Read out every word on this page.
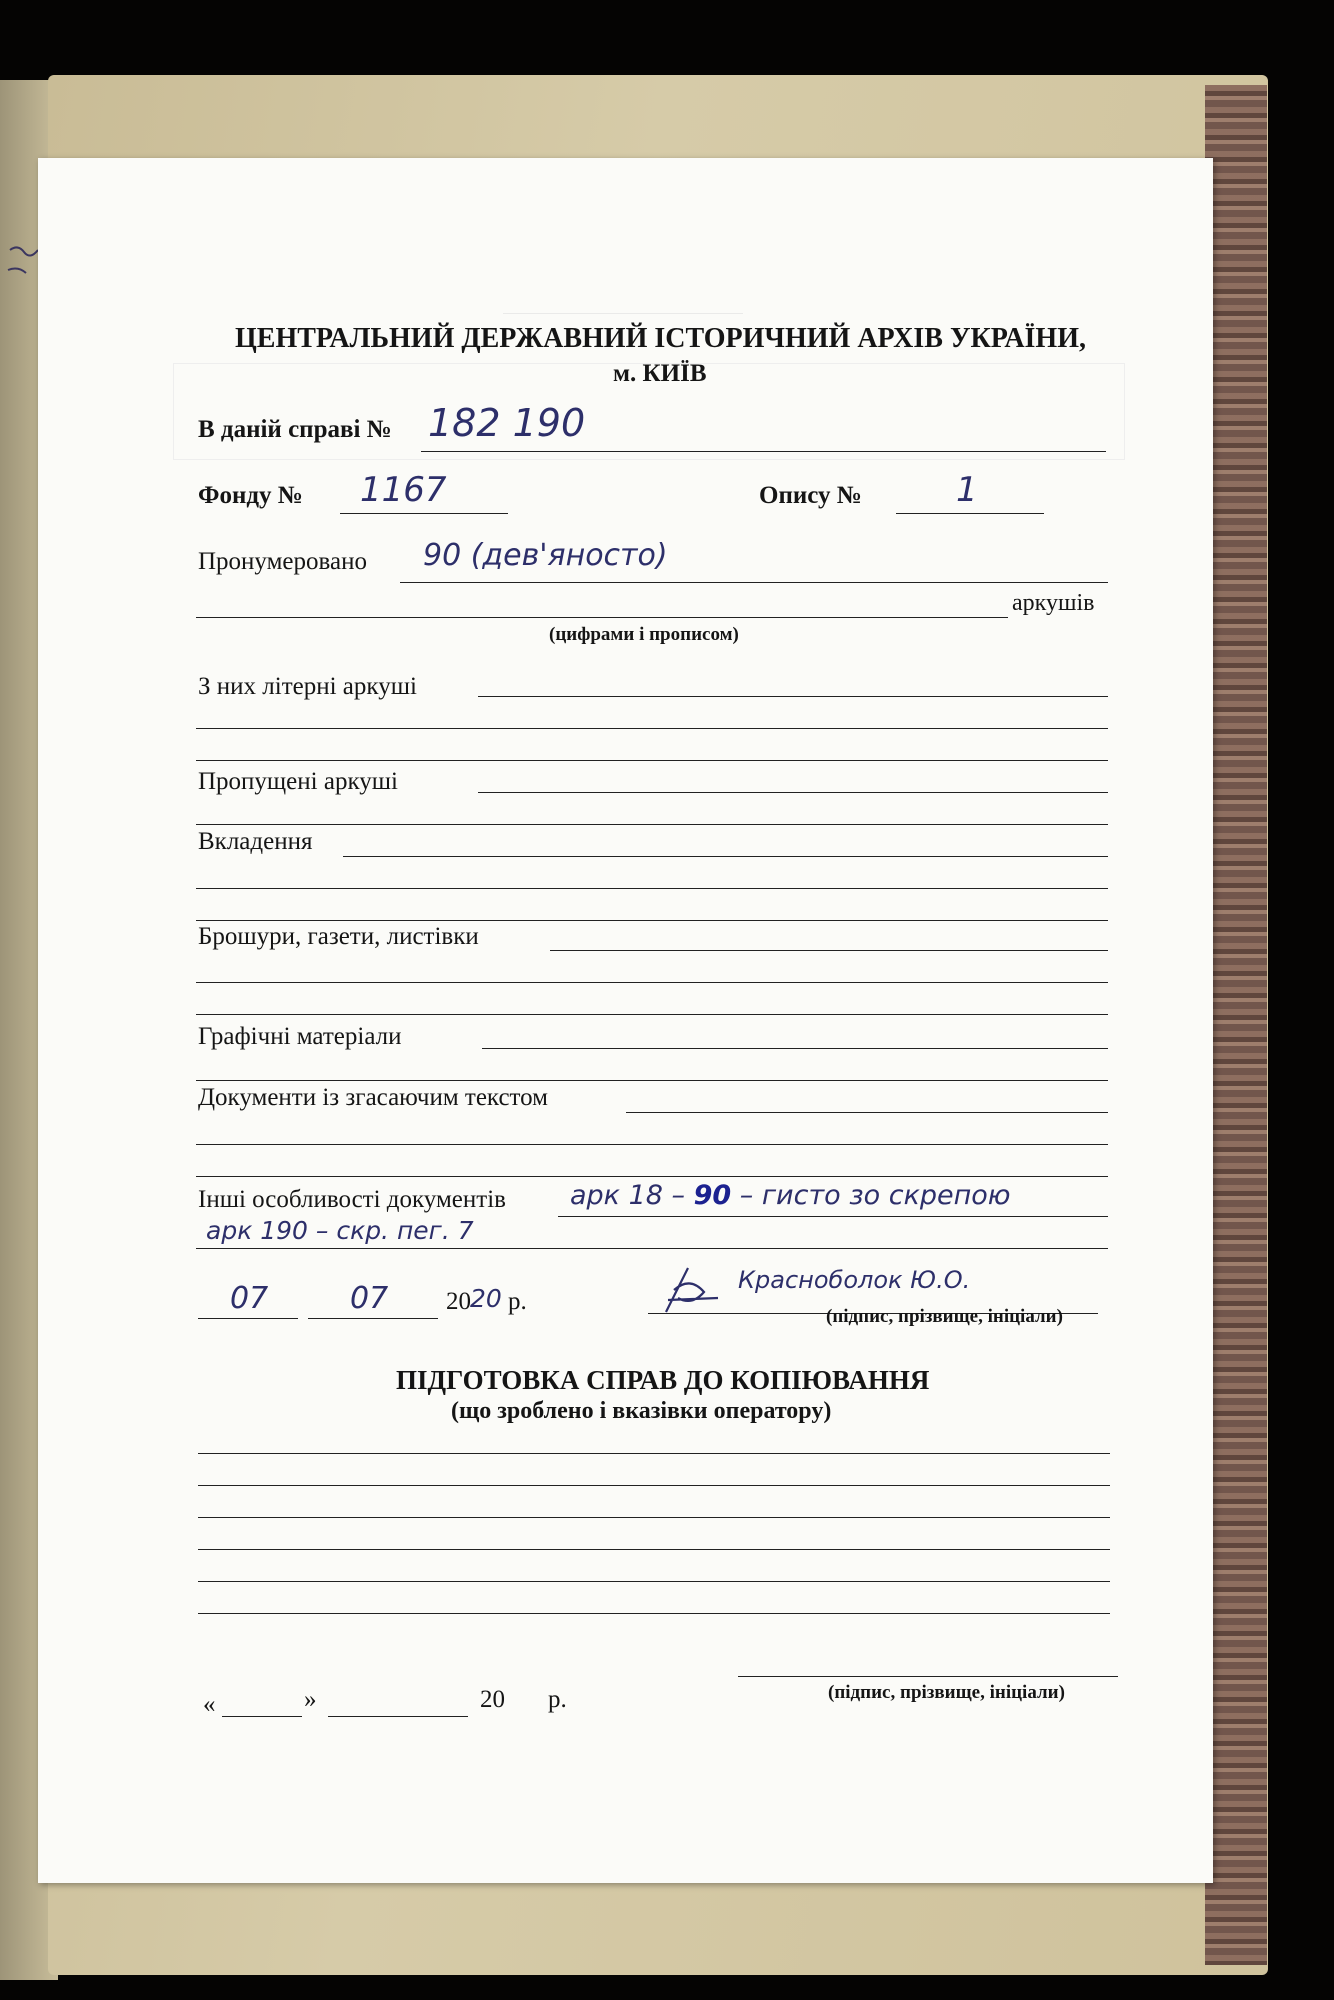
ЦЕНТРАЛЬНИЙ ДЕРЖАВНИЙ ІСТОРИЧНИЙ АРХІВ УКРАЇНИ,
м. КИЇВ
В даній справі № 182 190
Фонду № 1167	Опису №	1
Пронумеровано 90 (дев'яносто)
аркушів
(цифрами і прописом)
З них літерні аркуші
Пропущені аркуші
Вкладення
Брошури, газети, листівки
Графічні матеріали
Документи із згасаючим текстом
Інші особливості документів арк 18 – 90 – гисто зо скрепою
арк 190 – скр. пег. 7
07	07 20 20 р.
Красноболок Ю.О.
(підпис, прізвище, ініціали)
ПІДГОТОВКА СПРАВ ДО КОПІЮВАННЯ
(що зроблено і вказівки оператору)
«	»	20 р.	(підпис, прізвище, ініціали)
